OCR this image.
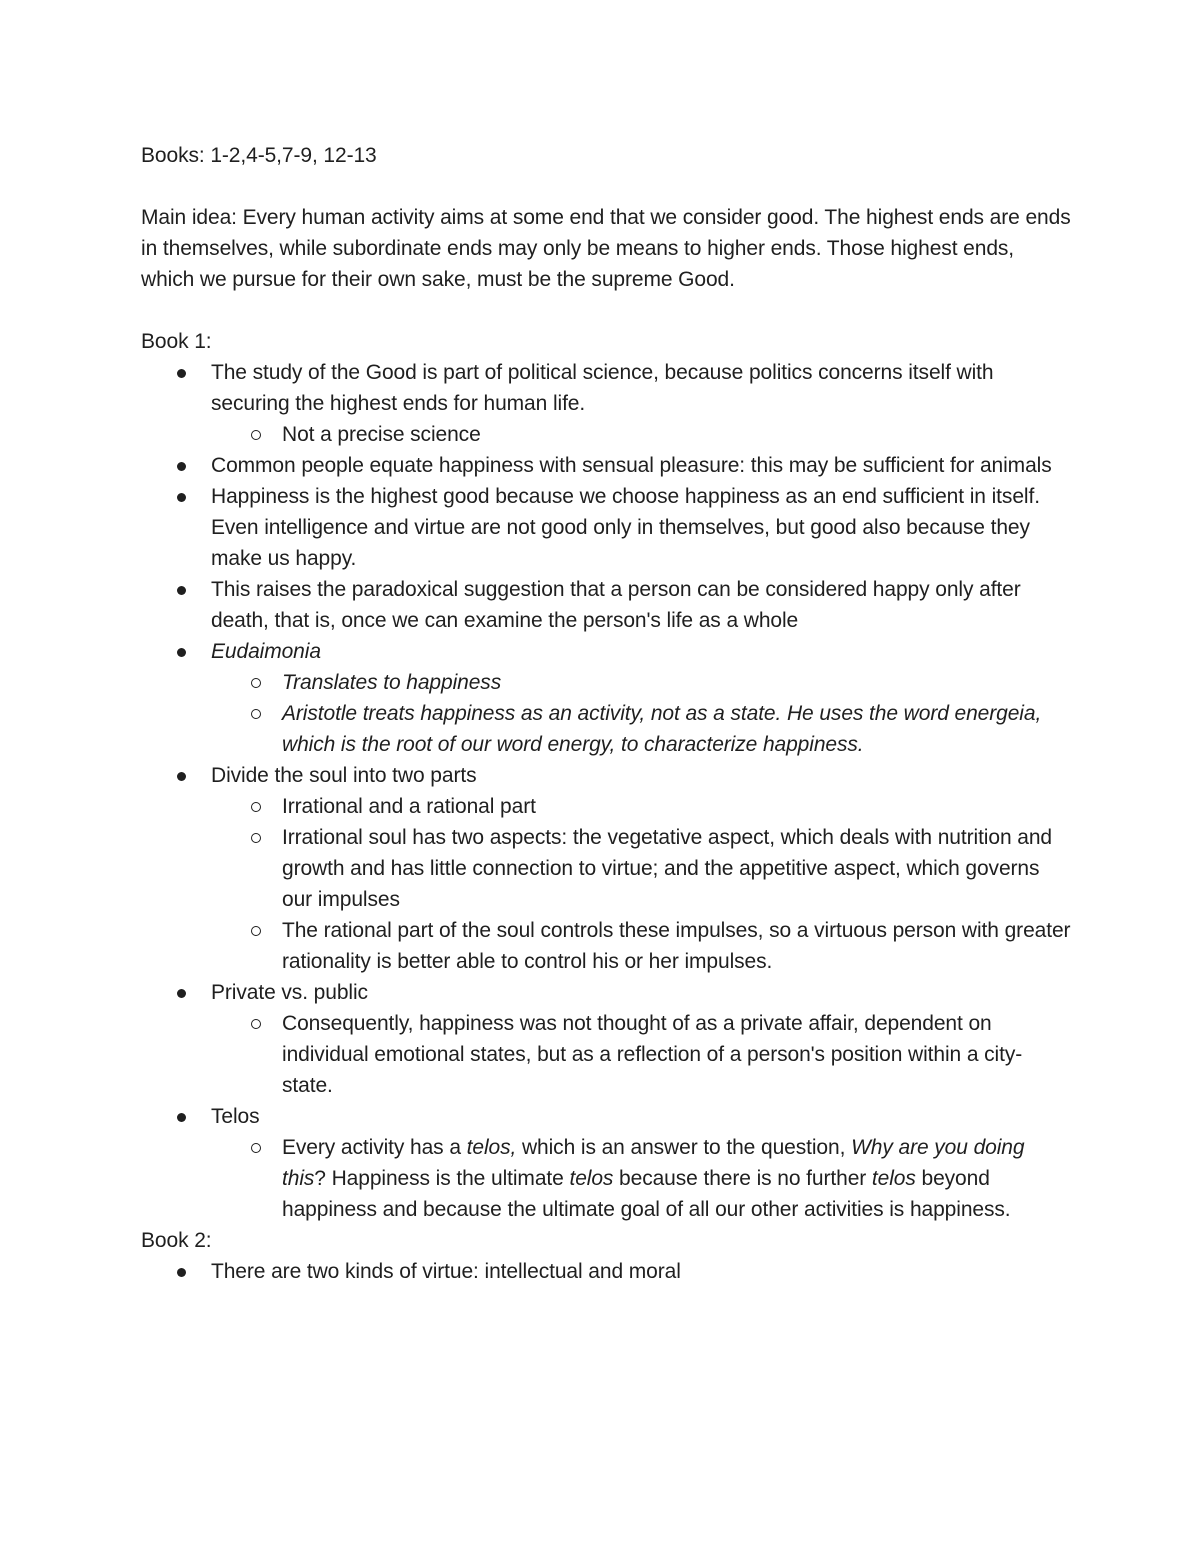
Books: 1-2,4-5,7-9, 12-13

Main idea: Every human activity aims at some end that we consider good. The highest ends are ends in themselves, while subordinate ends may only be means to higher ends. Those highest ends, which we pursue for their own sake, must be the supreme Good.

Book 1:

The study of the Good is part of political science, because politics concerns itself with securing the highest ends for human life.
Not a precise science
Common people equate happiness with sensual pleasure: this may be sufficient for animals
Happiness is the highest good because we choose happiness as an end sufficient in itself. Even intelligence and virtue are not good only in themselves, but good also because they make us happy.
This raises the paradoxical suggestion that a person can be considered happy only after death, that is, once we can examine the person's life as a whole
Eudaimonia
Translates to happiness
Aristotle treats happiness as an activity, not as a state. He uses the word energeia, which is the root of our word energy, to characterize happiness.
Divide the soul into two parts
Irrational and a rational part
Irrational soul has two aspects: the vegetative aspect, which deals with nutrition and growth and has little connection to virtue; and the appetitive aspect, which governs our impulses
The rational part of the soul controls these impulses, so a virtuous person with greater rationality is better able to control his or her impulses.
Private vs. public
Consequently, happiness was not thought of as a private affair, dependent on individual emotional states, but as a reflection of a person's position within a city-state.
Telos
Every activity has a telos, which is an answer to the question, Why are you doing this? Happiness is the ultimate telos because there is no further telos beyond happiness and because the ultimate goal of all our other activities is happiness.

Book 2:

There are two kinds of virtue: intellectual and moral
